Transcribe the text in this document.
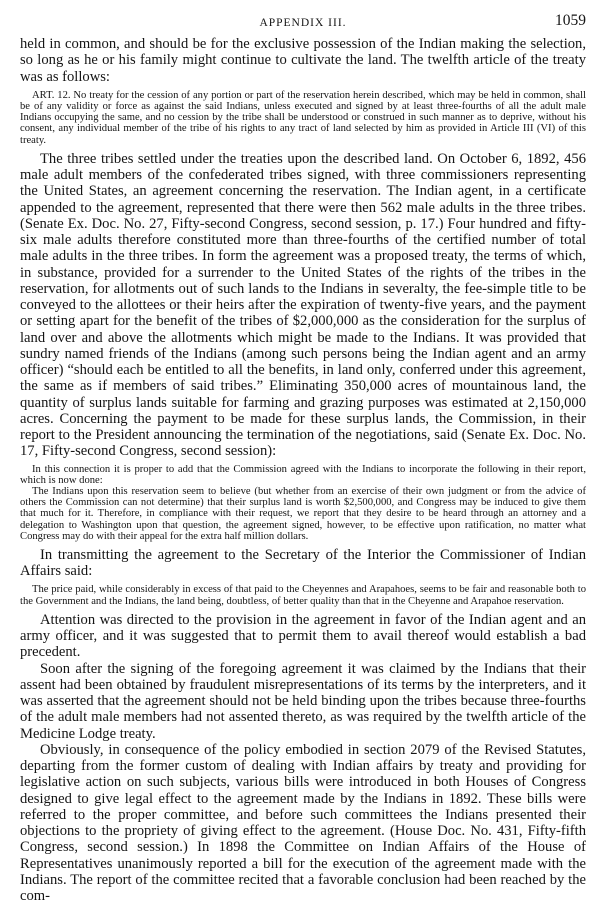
APPENDIX III.	1059

held in common, and should be for the exclusive possession of the Indian making the selection, so long as he or his family might continue to cultivate the land. The twelfth article of the treaty was as follows:

ART. 12. No treaty for the cession of any portion or part of the reservation herein described, which may be held in common, shall be of any validity or force as against the said Indians, unless executed and signed by at least three-fourths of all the adult male Indians occupying the same, and no cession by the tribe shall be understood or construed in such manner as to deprive, without his consent, any individual member of the tribe of his rights to any tract of land selected by him as provided in Article III (VI) of this treaty.

The three tribes settled under the treaties upon the described land. On October 6, 1892, 456 male adult members of the confederated tribes signed, with three commissioners representing the United States, an agreement concerning the reservation. The Indian agent, in a certificate appended to the agreement, represented that there were then 562 male adults in the three tribes. (Senate Ex. Doc. No. 27, Fifty-second Congress, second session, p. 17.) Four hundred and fifty-six male adults therefore constituted more than three-fourths of the certified number of total male adults in the three tribes. In form the agreement was a proposed treaty, the terms of which, in substance, provided for a surrender to the United States of the rights of the tribes in the reservation, for allotments out of such lands to the Indians in severalty, the fee-simple title to be conveyed to the allottees or their heirs after the expiration of twenty-five years, and the payment or setting apart for the benefit of the tribes of $2,000,000 as the consideration for the surplus of land over and above the allotments which might be made to the Indians. It was provided that sundry named friends of the Indians (among such persons being the Indian agent and an army officer) “should each be entitled to all the benefits, in land only, conferred under this agreement, the same as if members of said tribes.” Eliminating 350,000 acres of mountainous land, the quantity of surplus lands suitable for farming and grazing purposes was estimated at 2,150,000 acres. Concerning the payment to be made for these surplus lands, the Commission, in their report to the President announcing the termination of the negotiations, said (Senate Ex. Doc. No. 17, Fifty-second Congress, second session):

In this connection it is proper to add that the Commission agreed with the Indians to incorporate the following in their report, which is now done:

The Indians upon this reservation seem to believe (but whether from an exercise of their own judgment or from the advice of others the Commission can not determine) that their surplus land is worth $2,500,000, and Congress may be induced to give them that much for it. Therefore, in compliance with their request, we report that they desire to be heard through an attorney and a delegation to Washington upon that question, the agreement signed, however, to be effective upon ratification, no matter what Congress may do with their appeal for the extra half million dollars.

In transmitting the agreement to the Secretary of the Interior the Commissioner of Indian Affairs said:

The price paid, while considerably in excess of that paid to the Cheyennes and Arapahoes, seems to be fair and reasonable both to the Government and the Indians, the land being, doubtless, of better quality than that in the Cheyenne and Arapahoe reservation.

Attention was directed to the provision in the agreement in favor of the Indian agent and an army officer, and it was suggested that to permit them to avail thereof would establish a bad precedent.

Soon after the signing of the foregoing agreement it was claimed by the Indians that their assent had been obtained by fraudulent misrepresentations of its terms by the interpreters, and it was asserted that the agreement should not be held binding upon the tribes because three-fourths of the adult male members had not assented thereto, as was required by the twelfth article of the Medicine Lodge treaty.

Obviously, in consequence of the policy embodied in section 2079 of the Revised Statutes, departing from the former custom of dealing with Indian affairs by treaty and providing for legislative action on such subjects, various bills were introduced in both Houses of Congress designed to give legal effect to the agreement made by the Indians in 1892. These bills were referred to the proper committee, and before such committees the Indians presented their objections to the propriety of giving effect to the agreement. (House Doc. No. 431, Fifty-fifth Congress, second session.) In 1898 the Committee on Indian Affairs of the House of Representatives unanimously reported a bill for the execution of the agreement made with the Indians. The report of the committee recited that a favorable conclusion had been reached by the com-
